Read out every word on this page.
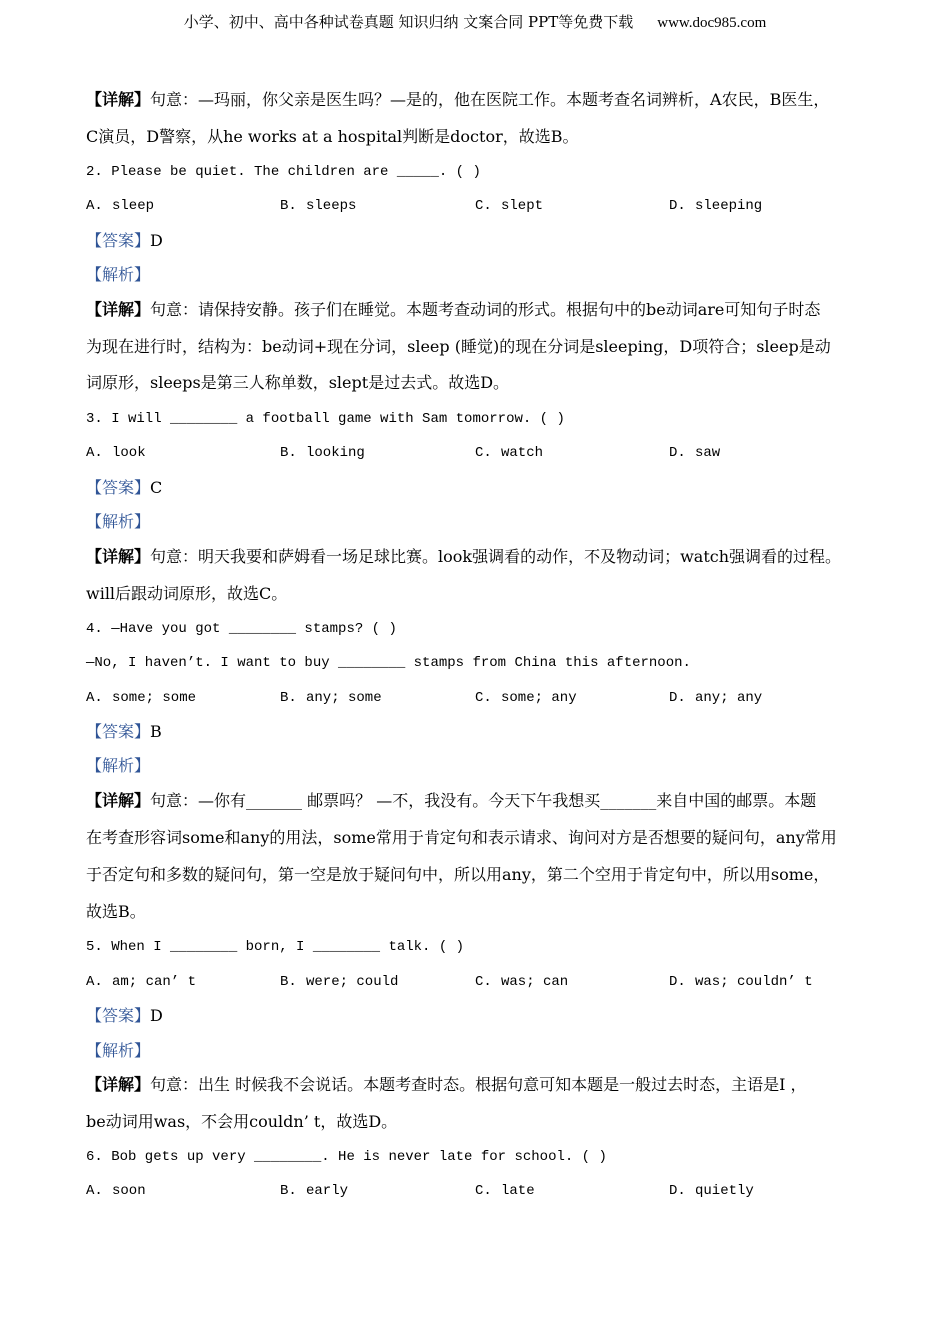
小学、初中、高中各种试卷真题 知识归纳 文案合同 PPT等免费下载 www.doc985.com
【详解】句意：—玛丽，你父亲是医生吗？—是的，他在医院工作。本题考查名词辨析，A农民，B医生，
C演员，D警察，从he works at a hospital判断是doctor，故选B。
2. Please be quiet. The children are _____. ( )
A. sleep	B. sleeps	C. slept	D. sleeping
【答案】D
【解析】
【详解】句意：请保持安静。孩子们在睡觉。本题考查动词的形式。根据句中的be动词are可知句子时态
为现在进行时，结构为：be动词+现在分词，sleep (睡觉)的现在分词是sleeping，D项符合；sleep是动
词原形，sleeps是第三人称单数，slept是过去式。故选D。
3. I will ________ a football game with Sam tomorrow. ( )
A. look	B. looking	C. watch	D. saw
【答案】C
【解析】
【详解】句意：明天我要和萨姆看一场足球比赛。look强调看的动作，不及物动词；watch强调看的过程。
will后跟动词原形，故选C。
4. —Have you got ________ stamps? ( )
—No, I haven’t. I want to buy ________ stamps from China this afternoon.
A. some; some	B. any; some	C. some; any	D. any; any
【答案】B
【解析】
【详解】句意：—你有_______ 邮票吗？ —不，我没有。今天下午我想买_______来自中国的邮票。本题
在考查形容词some和any的用法，some常用于肯定句和表示请求、询问对方是否想要的疑问句，any常用
于否定句和多数的疑问句，第一空是放于疑问句中，所以用any，第二个空用于肯定句中，所以用some，
故选B。
5. When I ________ born, I ________ talk. ( )
A. am; can’ t	B. were; could	C. was; can	D. was; couldn’ t
【答案】D
【解析】
【详解】句意：出生 时候我不会说话。本题考查时态。根据句意可知本题是一般过去时态，主语是I ，
be动词用was，不会用couldn’ t，故选D。
6. Bob gets up very ________. He is never late for school. ( )
A. soon	B. early	C. late	D. quietly
